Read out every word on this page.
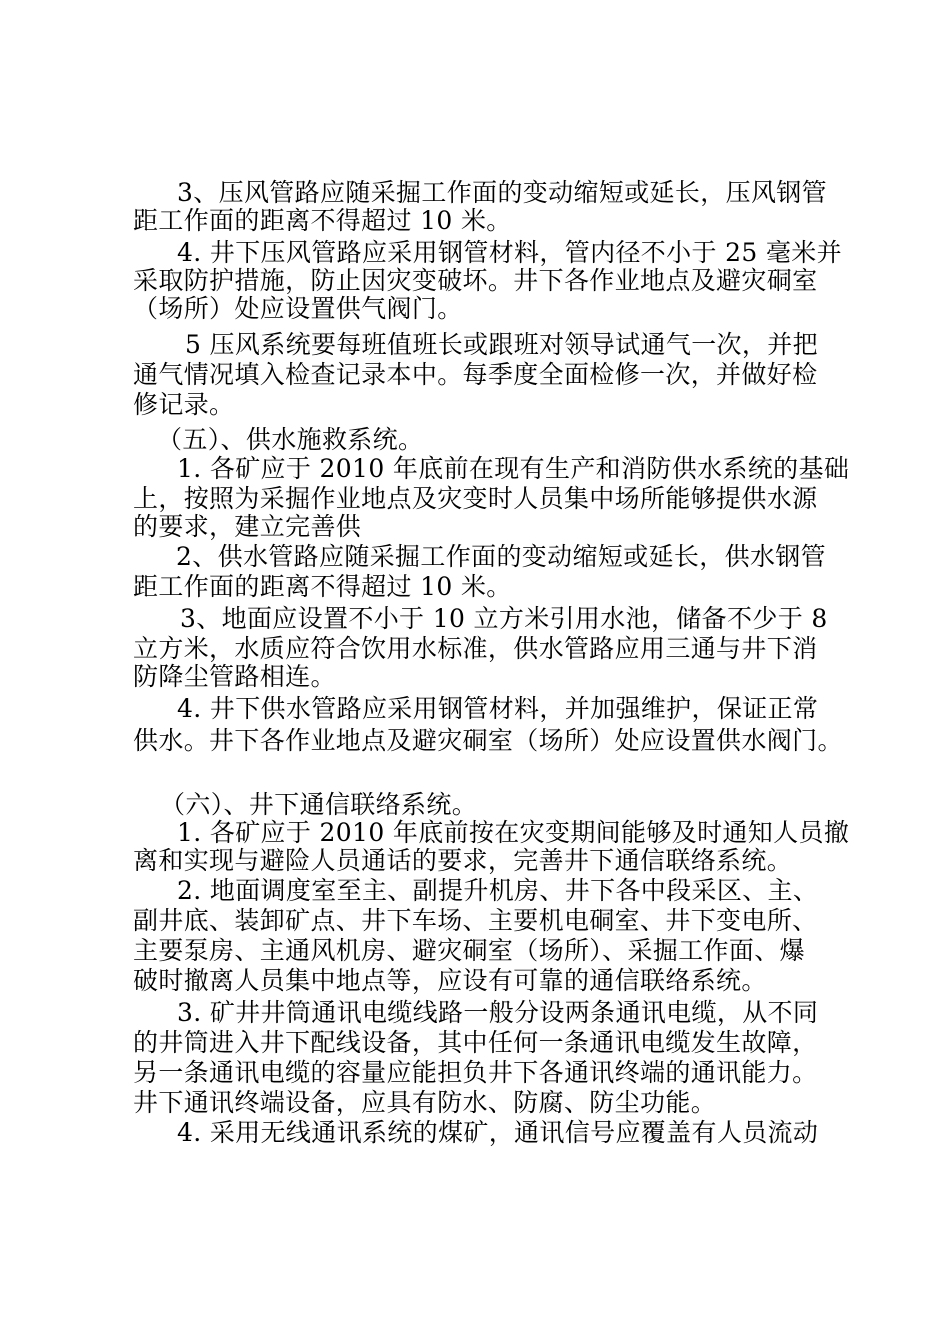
3、压风管路应随采掘工作面的变动缩短或延长，压风钢管
距工作面的距离不得超过 10 米。
4. 井下压风管路应采用钢管材料，管内径不小于 25 毫米并
采取防护措施，防止因灾变破坏。井下各作业地点及避灾硐室
（场所）处应设置供气阀门。
5 压风系统要每班值班长或跟班对领导试通气一次，并把
通气情况填入检查记录本中。每季度全面检修一次，并做好检
修记录。
（五）、供水施救系统。
1. 各矿应于 2010 年底前在现有生产和消防供水系统的基础
上，按照为采掘作业地点及灾变时人员集中场所能够提供水源
的要求，建立完善供
2、供水管路应随采掘工作面的变动缩短或延长，供水钢管
距工作面的距离不得超过 10 米。
3、地面应设置不小于 10 立方米引用水池，储备不少于 8
立方米，水质应符合饮用水标准，供水管路应用三通与井下消
防降尘管路相连。
4. 井下供水管路应采用钢管材料，并加强维护，保证正常
供水。井下各作业地点及避灾硐室（场所）处应设置供水阀门。
（六）、井下通信联络系统。
1. 各矿应于 2010 年底前按在灾变期间能够及时通知人员撤
离和实现与避险人员通话的要求，完善井下通信联络系统。
2. 地面调度室至主、副提升机房、井下各中段采区、主、
副井底、装卸矿点、井下车场、主要机电硐室、井下变电所、
主要泵房、主通风机房、避灾硐室（场所）、采掘工作面、爆
破时撤离人员集中地点等，应设有可靠的通信联络系统。
3. 矿井井筒通讯电缆线路一般分设两条通讯电缆，从不同
的井筒进入井下配线设备，其中任何一条通讯电缆发生故障，
另一条通讯电缆的容量应能担负井下各通讯终端的通讯能力。
井下通讯终端设备，应具有防水、防腐、防尘功能。
4. 采用无线通讯系统的煤矿，通讯信号应覆盖有人员流动
